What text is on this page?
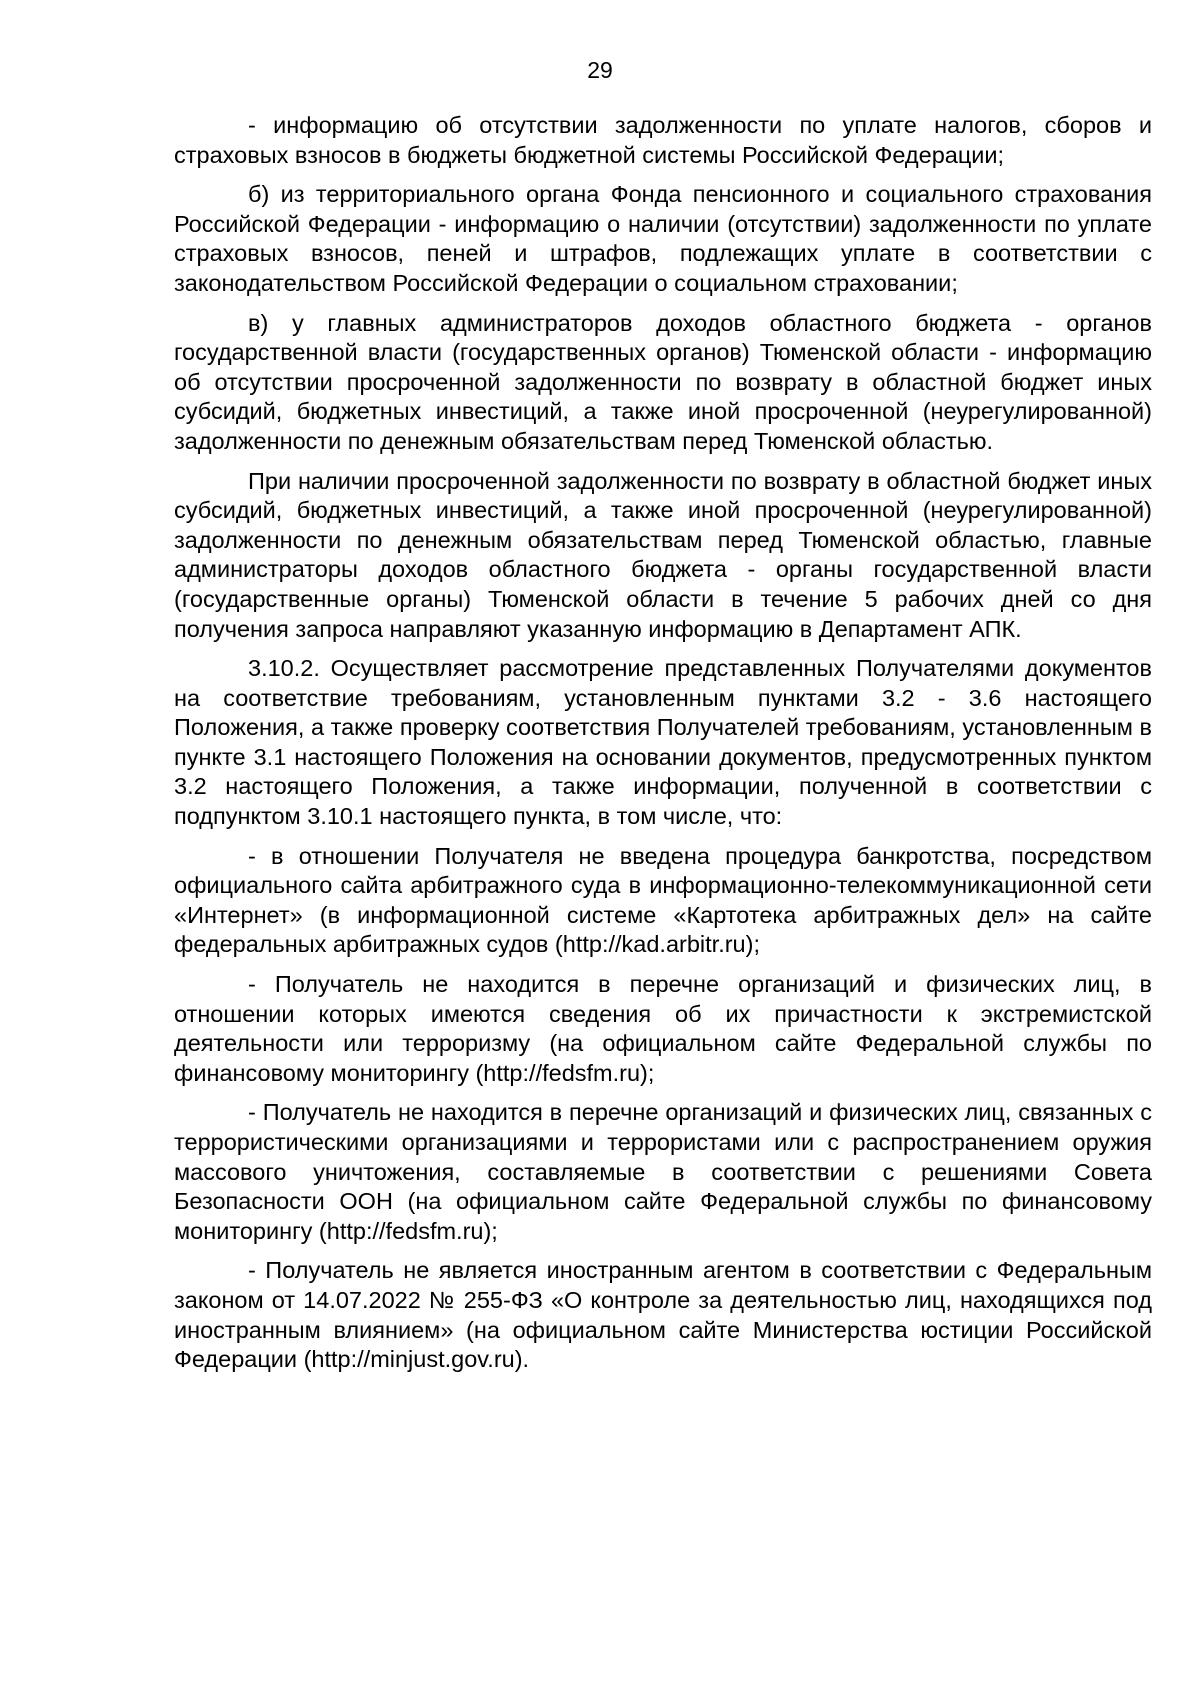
29

- информацию об отсутствии задолженности по уплате налогов, сборов и страховых взносов в бюджеты бюджетной системы Российской Федерации;

б) из территориального органа Фонда пенсионного и социального страхования Российской Федерации - информацию о наличии (отсутствии) задолженности по уплате страховых взносов, пеней и штрафов, подлежащих уплате в соответствии с законодательством Российской Федерации о социальном страховании;

в) у главных администраторов доходов областного бюджета - органов государственной власти (государственных органов) Тюменской области - информацию об отсутствии просроченной задолженности по возврату в областной бюджет иных субсидий, бюджетных инвестиций, а также иной просроченной (неурегулированной) задолженности по денежным обязательствам перед Тюменской областью.

При наличии просроченной задолженности по возврату в областной бюджет иных субсидий, бюджетных инвестиций, а также иной просроченной (неурегулированной) задолженности по денежным обязательствам перед Тюменской областью, главные администраторы доходов областного бюджета - органы государственной власти (государственные органы) Тюменской области в течение 5 рабочих дней со дня получения запроса направляют указанную информацию в Департамент АПК.

3.10.2. Осуществляет рассмотрение представленных Получателями документов на соответствие требованиям, установленным пунктами 3.2 - 3.6 настоящего Положения, а также проверку соответствия Получателей требованиям, установленным в пункте 3.1 настоящего Положения на основании документов, предусмотренных пунктом 3.2 настоящего Положения, а также информации, полученной в соответствии с подпунктом 3.10.1 настоящего пункта, в том числе, что:

- в отношении Получателя не введена процедура банкротства, посредством официального сайта арбитражного суда в информационно-телекоммуникационной сети «Интернет» (в информационной системе «Картотека арбитражных дел» на сайте федеральных арбитражных судов (http://kad.arbitr.ru);

- Получатель не находится в перечне организаций и физических лиц, в отношении которых имеются сведения об их причастности к экстремистской деятельности или терроризму (на официальном сайте Федеральной службы по финансовому мониторингу (http://fedsfm.ru);

- Получатель не находится в перечне организаций и физических лиц, связанных с террористическими организациями и террористами или с распространением оружия массового уничтожения, составляемые в соответствии с решениями Совета Безопасности ООН (на официальном сайте Федеральной службы по финансовому мониторингу (http://fedsfm.ru);

- Получатель не является иностранным агентом в соответствии с Федеральным законом от 14.07.2022 № 255-ФЗ «О контроле за деятельностью лиц, находящихся под иностранным влиянием» (на официальном сайте Министерства юстиции Российской Федерации (http://minjust.gov.ru).
